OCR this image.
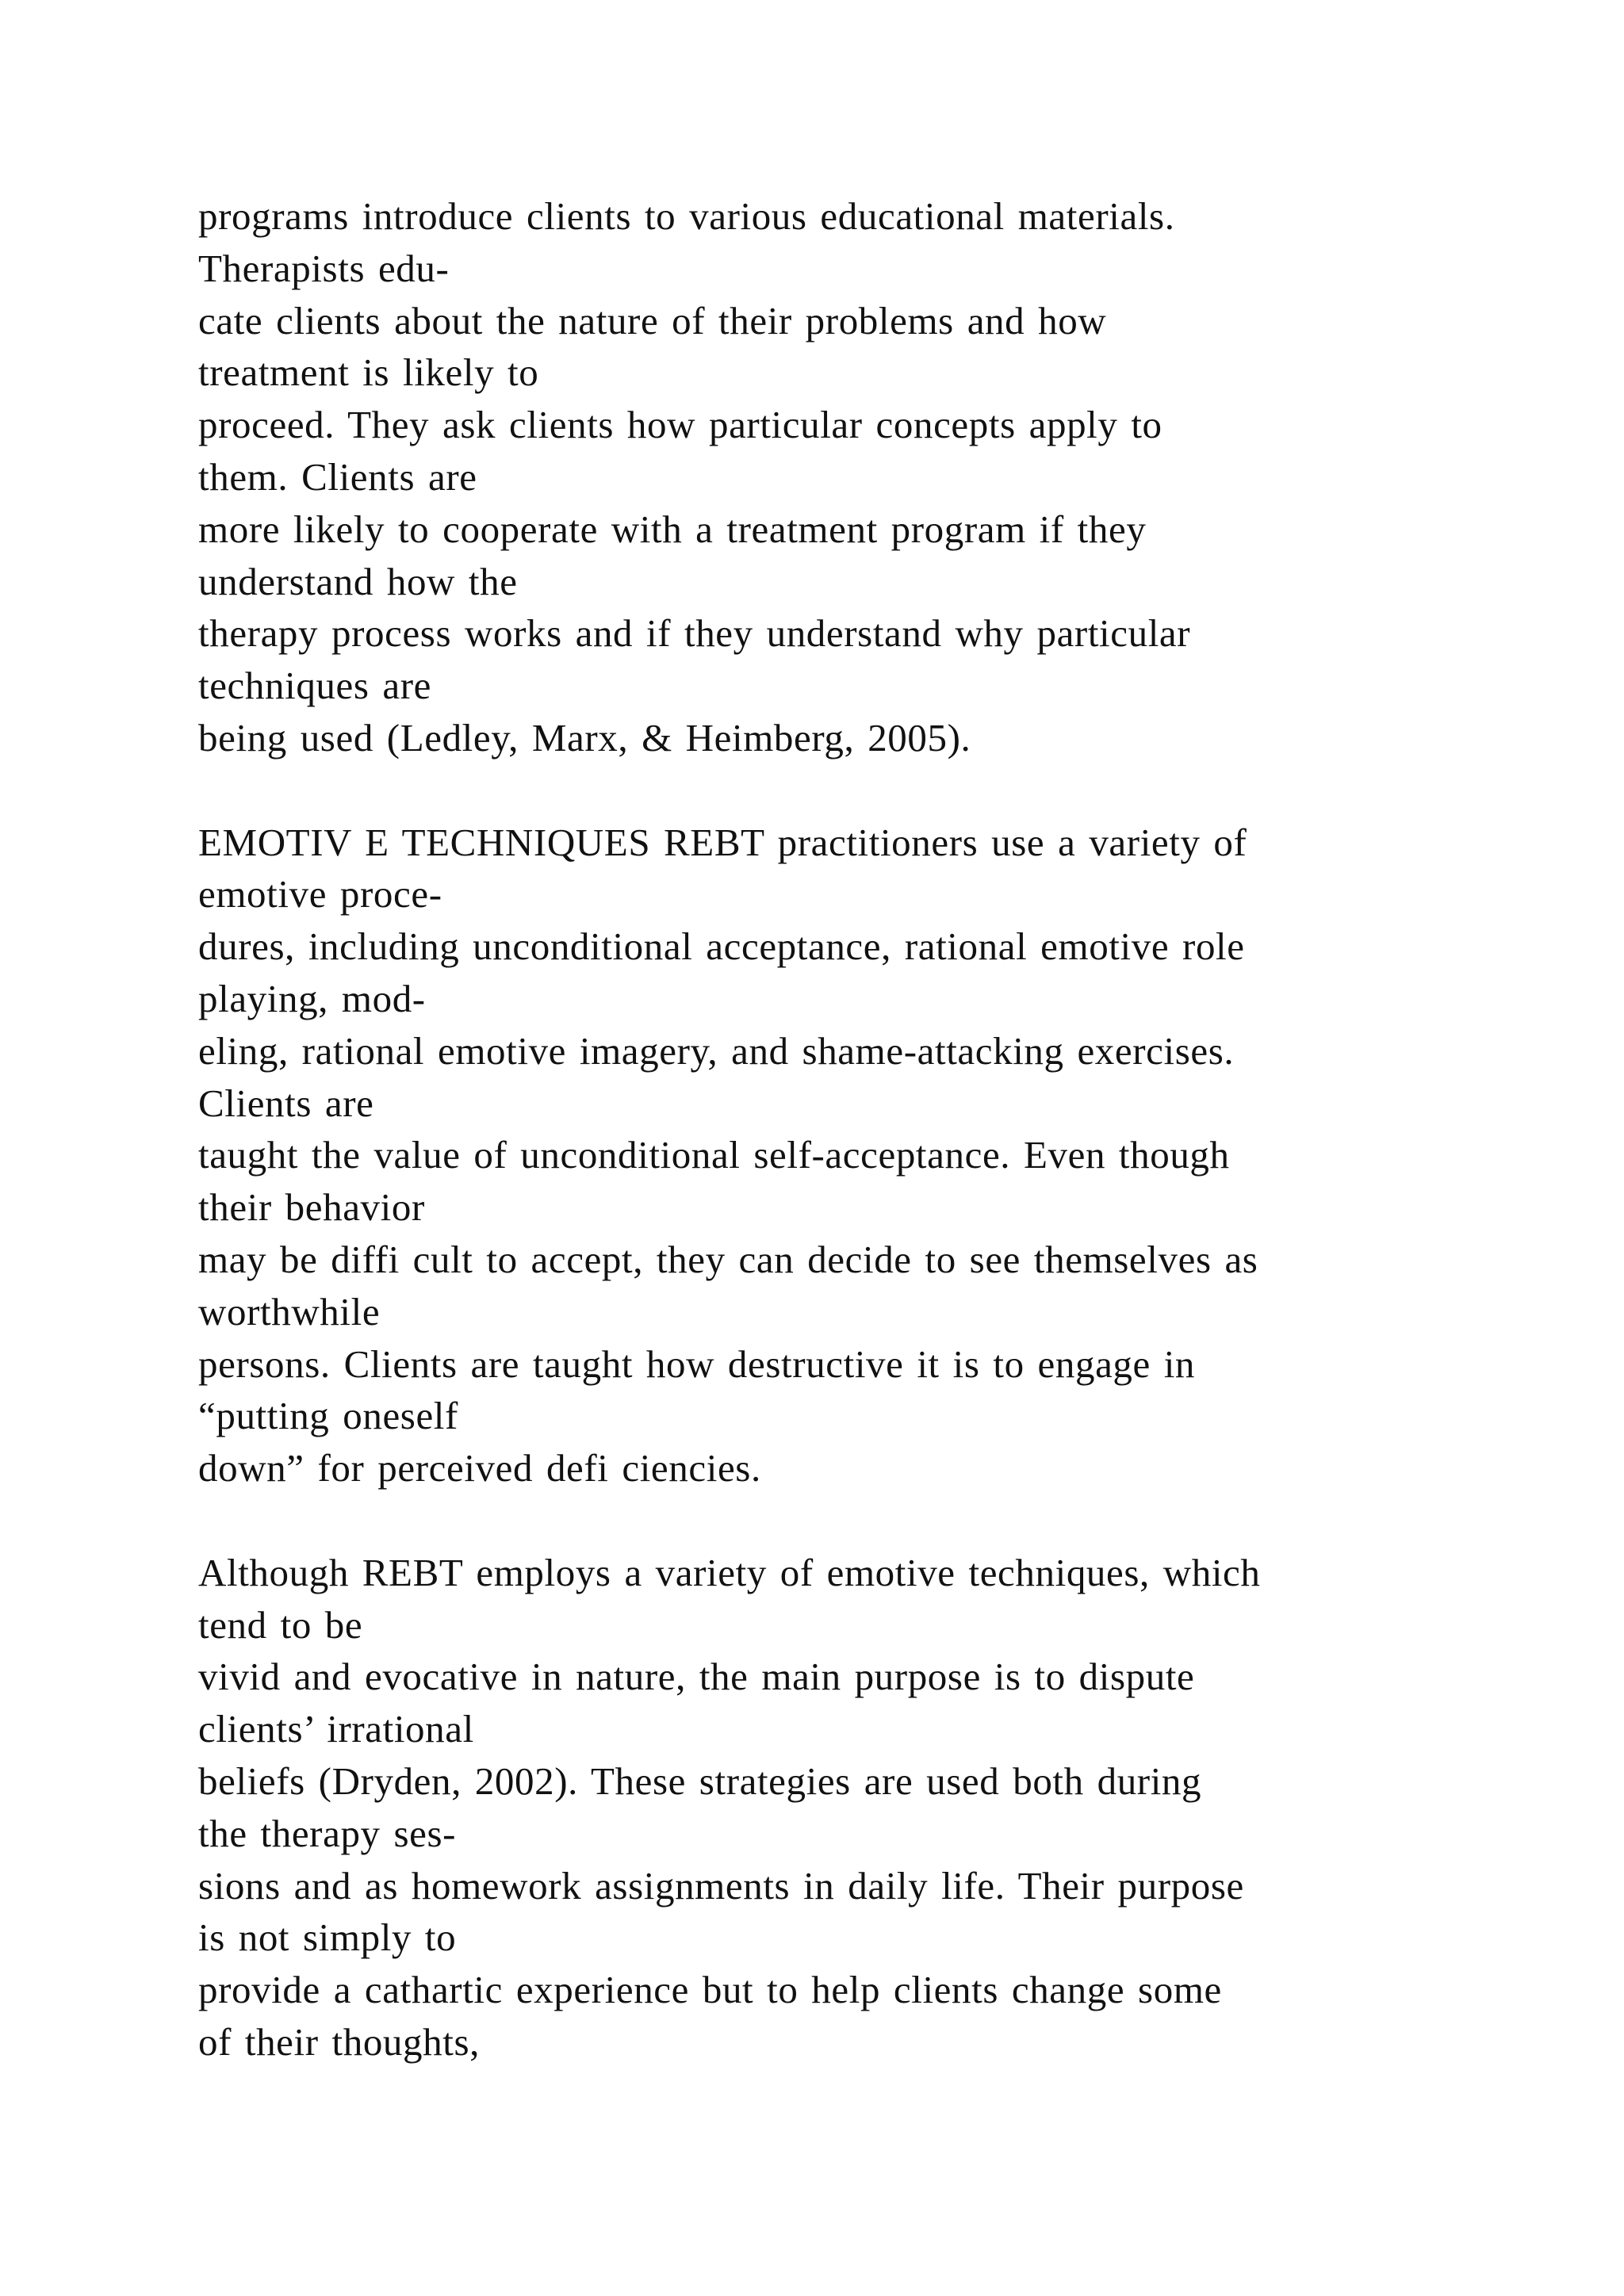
programs introduce clients to various educational materials.
Therapists edu-
cate clients about the nature of their problems and how
treatment is likely to
proceed. They ask clients how particular concepts apply to
them. Clients are
more likely to cooperate with a treatment program if they
understand how the
therapy process works and if they understand why particular
techniques are
being used (Ledley, Marx, & Heimberg, 2005).
EMOTIV E TECHNIQUES REBT practitioners use a variety of
emotive proce-
dures, including unconditional acceptance, rational emotive role
playing, mod-
eling, rational emotive imagery, and shame-attacking exercises.
Clients are
taught the value of unconditional self-acceptance. Even though
their behavior
may be diffi cult to accept, they can decide to see themselves as
worthwhile
persons. Clients are taught how destructive it is to engage in
“putting oneself
down” for perceived defi ciencies.
Although REBT employs a variety of emotive techniques, which
tend to be
vivid and evocative in nature, the main purpose is to dispute
clients’ irrational
beliefs (Dryden, 2002). These strategies are used both during
the therapy ses-
sions and as homework assignments in daily life. Their purpose
is not simply to
provide a cathartic experience but to help clients change some
of their thoughts,
